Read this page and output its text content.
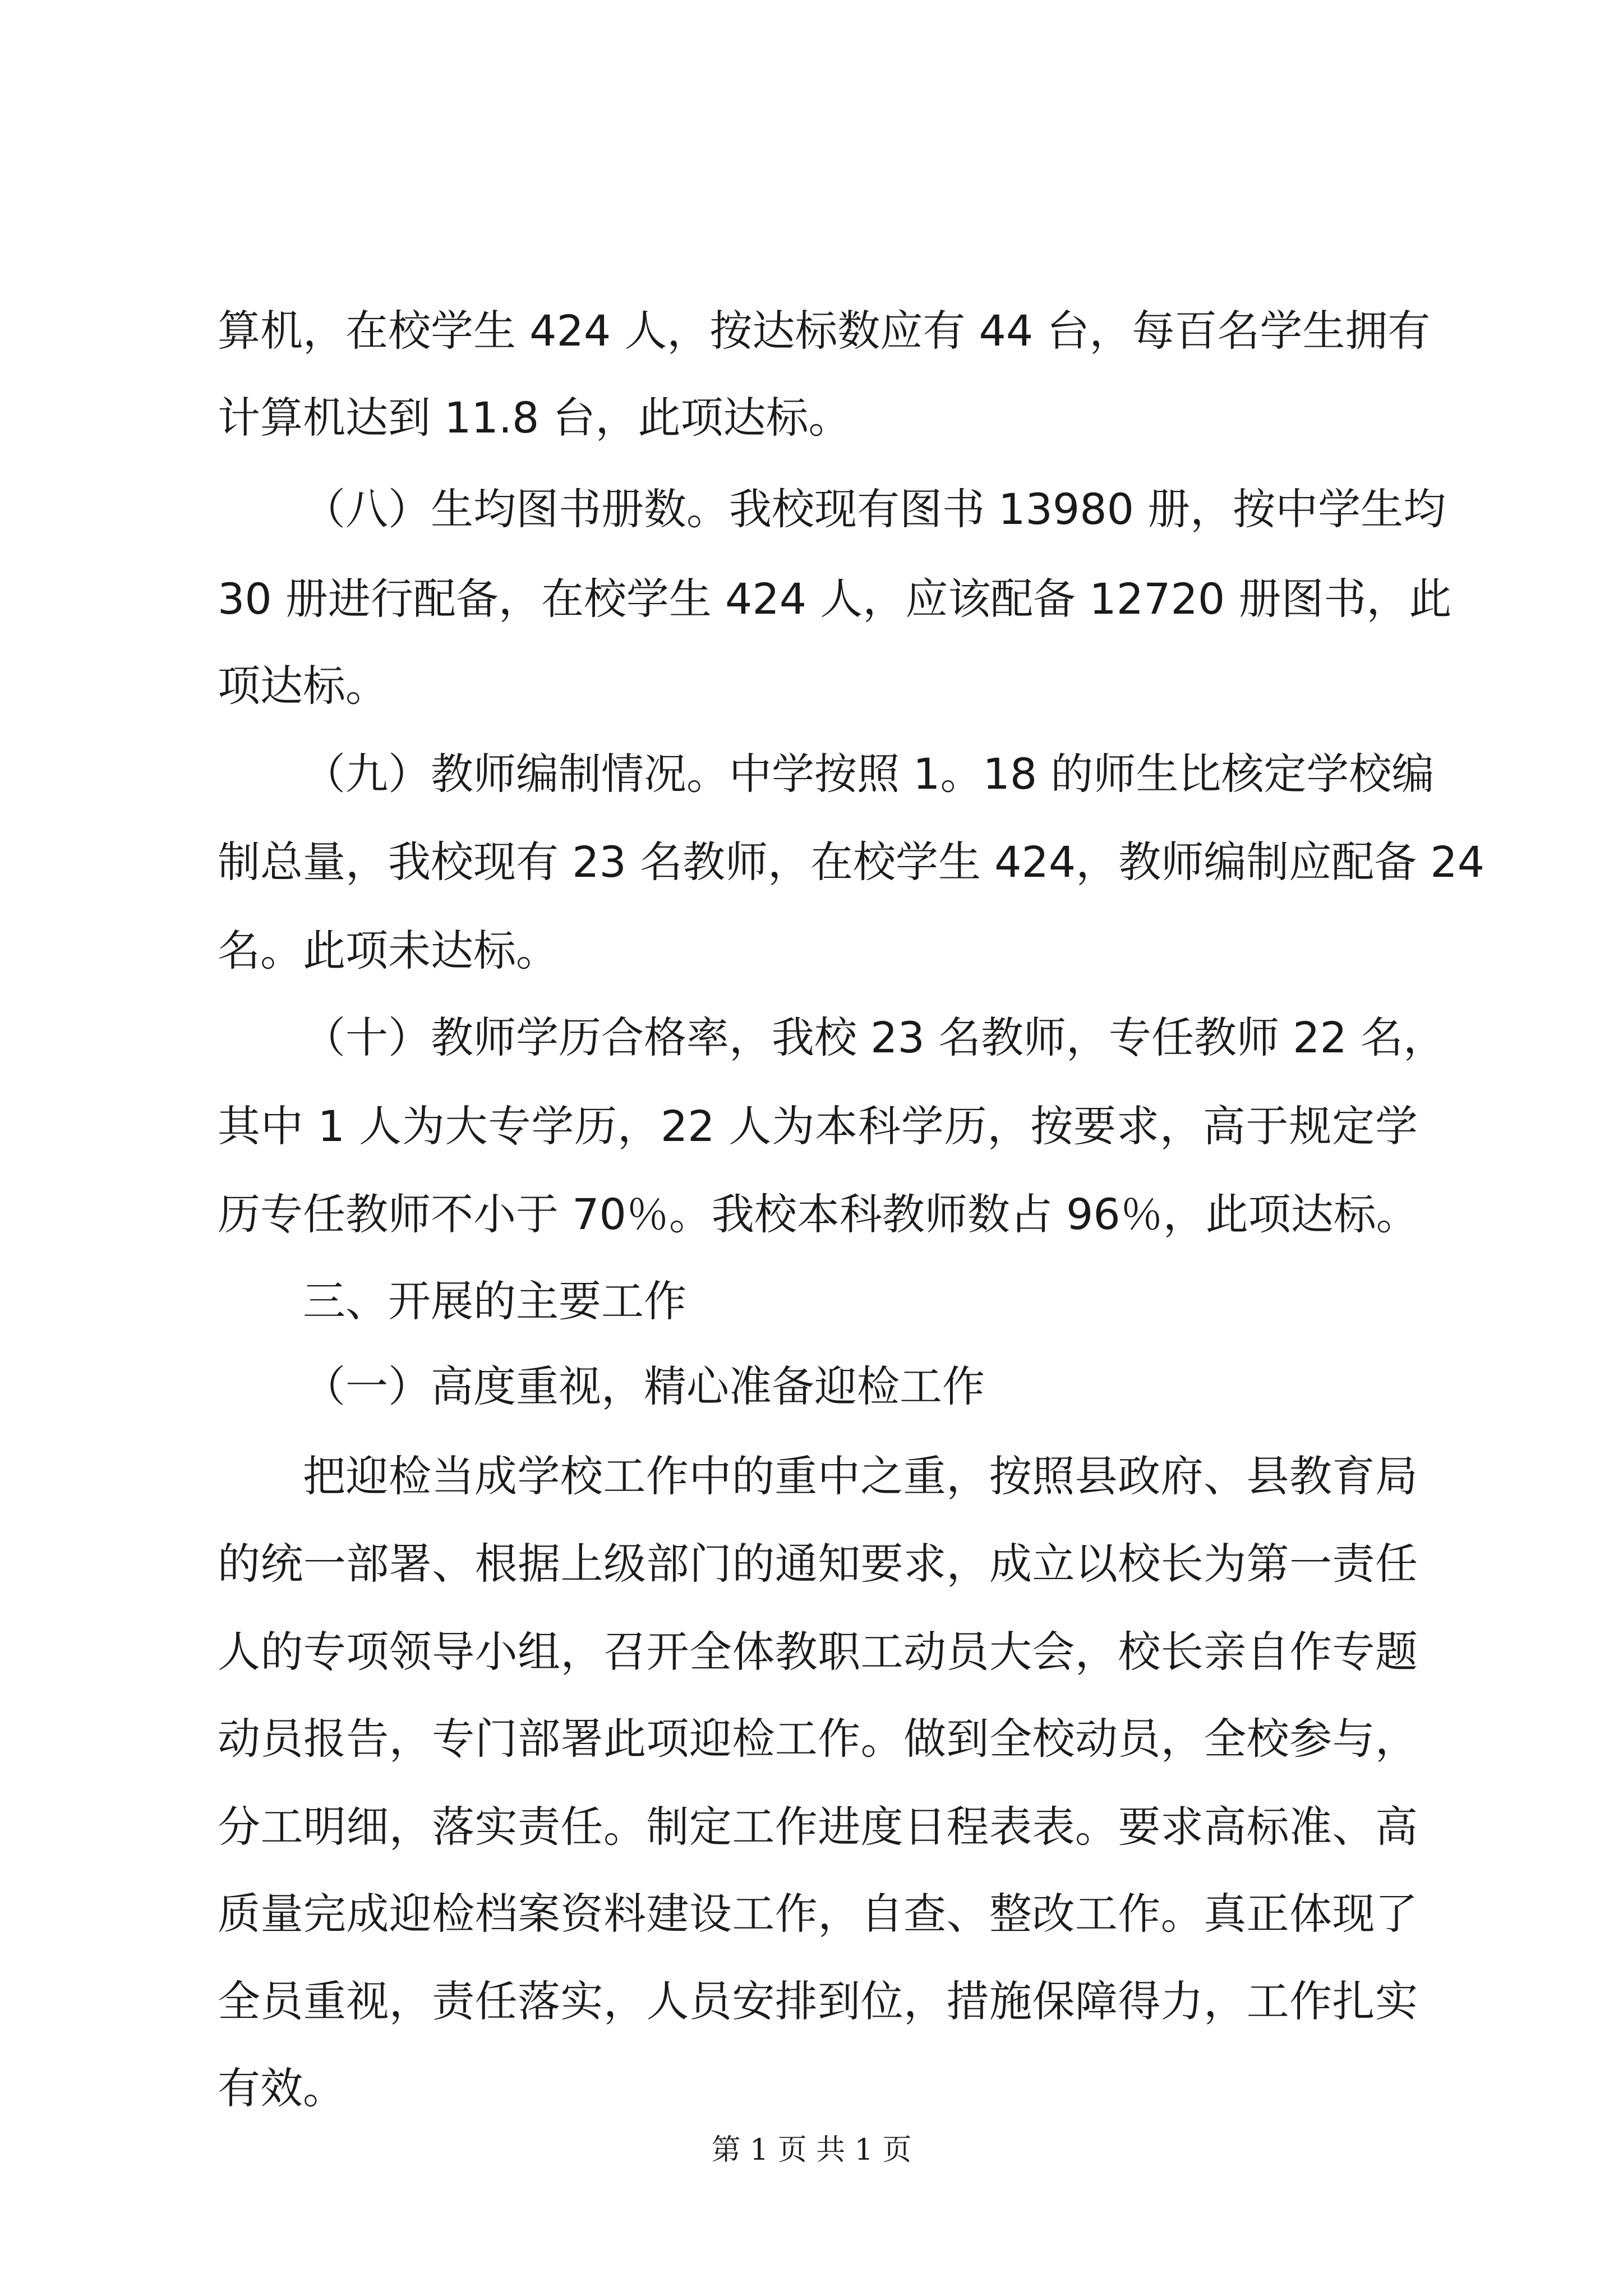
算机，在校学生 424 人，按达标数应有 44 台，每百名学生拥有
计算机达到 11.8 台，此项达标。
（八）生均图书册数。我校现有图书 13980 册，按中学生均
30 册进行配备，在校学生 424 人，应该配备 12720 册图书，此
项达标。
（九）教师编制情况。中学按照 1。18 的师生比核定学校编
制总量，我校现有 23 名教师，在校学生 424，教师编制应配备 24
名。此项未达标。
（十）教师学历合格率，我校 23 名教师，专任教师 22 名，
其中 1 人为大专学历，22 人为本科学历，按要求，高于规定学
历专任教师不小于 70％。我校本科教师数占 96％，此项达标。
三、开展的主要工作
（一）高度重视，精心准备迎检工作
把迎检当成学校工作中的重中之重，按照县政府、县教育局
的统一部署、根据上级部门的通知要求，成立以校长为第一责任
人的专项领导小组，召开全体教职工动员大会，校长亲自作专题
动员报告，专门部署此项迎检工作。做到全校动员，全校参与，
分工明细，落实责任。制定工作进度日程表表。要求高标准、高
质量完成迎检档案资料建设工作，自查、整改工作。真正体现了
全员重视，责任落实，人员安排到位，措施保障得力，工作扎实
有效。
第 1 页 共 1 页
